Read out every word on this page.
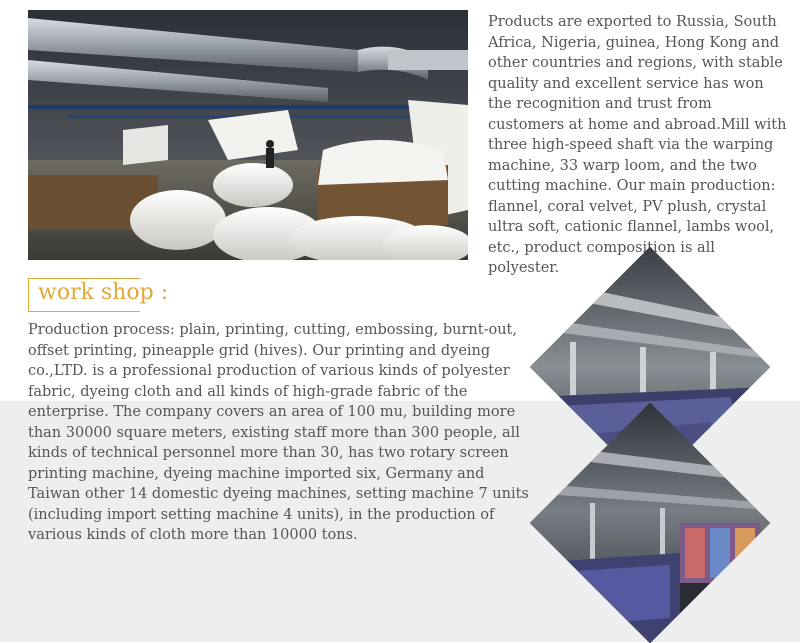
Products are exported to Russia, South Africa, Nigeria, guinea, Hong Kong and other countries and regions, with stable quality and excellent service has won the recognition and trust from customers at home and abroad.Mill with three high-speed shaft via the warping machine, 33 warp loom, and the two cutting machine. Our main production: flannel, coral velvet, PV plush, crystal ultra soft, cationic flannel, lambs wool, etc., product composition is all polyester.

work shop :

Production process: plain, printing, cutting, embossing, burnt-out, offset printing, pineapple grid (hives). Our printing and dyeing co.,LTD. is a professional production of various kinds of polyester fabric, dyeing cloth and all kinds of high-grade fabric of the enterprise. The company covers an area of 100 mu, building more than 30000 square meters, existing staff more than 300 people, all kinds of technical personnel more than 30, has two rotary screen printing machine, dyeing machine imported six, Germany and Taiwan other 14 domestic dyeing machines, setting machine 7 units (including import setting machine 4 units), in the production of various kinds of cloth more than 10000 tons.
